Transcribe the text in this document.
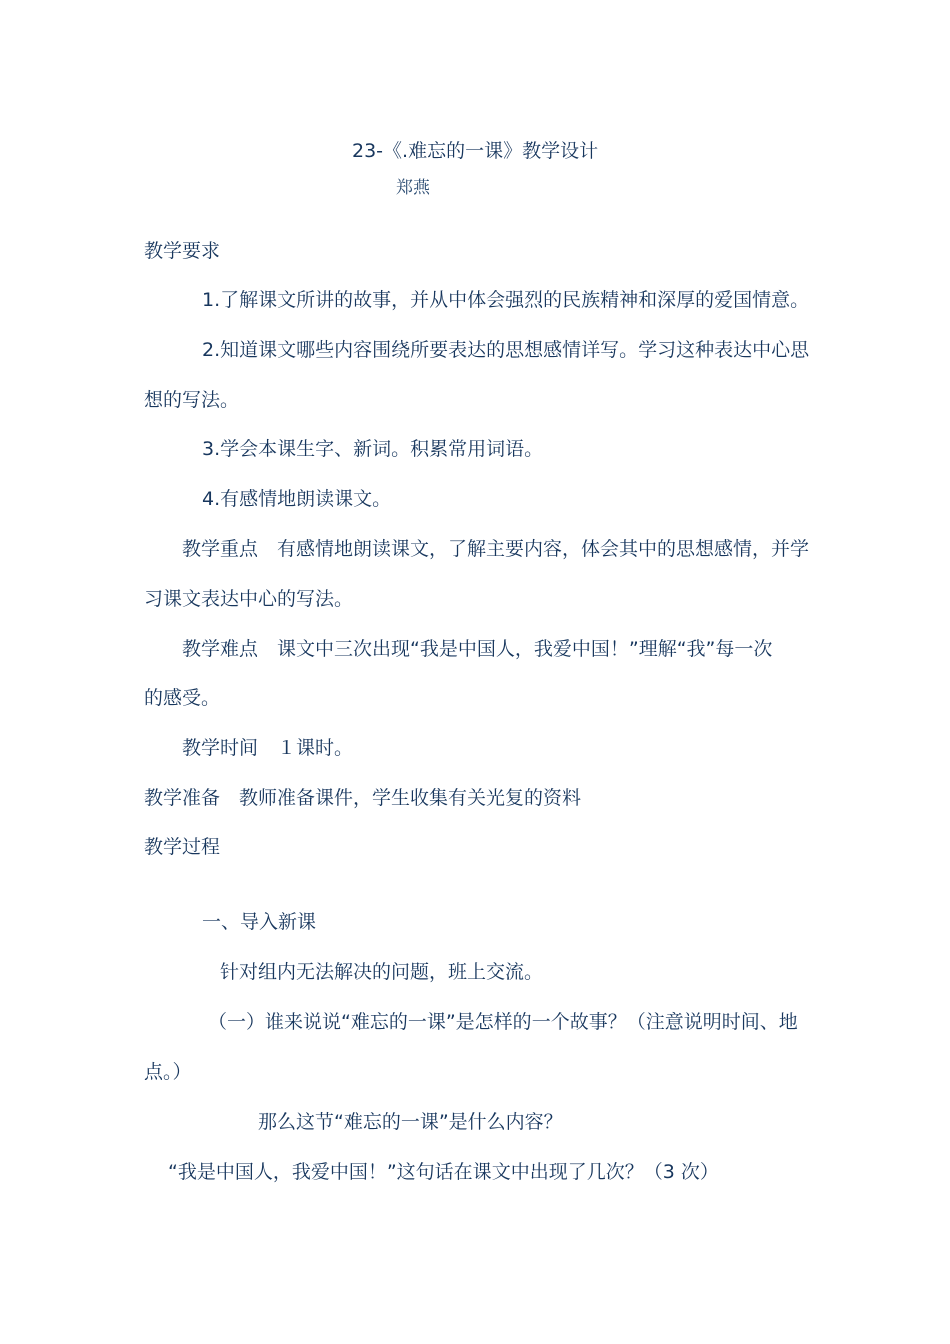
23-《.难忘的一课》教学设计
郑燕
教学要求
1.了解课文所讲的故事，并从中体会强烈的民族精神和深厚的爱国情意。
2.知道课文哪些内容围绕所要表达的思想感情详写。学习这种表达中心思
想的写法。
3.学会本课生字、新词。积累常用词语。
4.有感情地朗读课文。
教学重点　有感情地朗读课文，了解主要内容，体会其中的思想感情，并学
习课文表达中心的写法。
教学难点　课文中三次出现“我是中国人，我爱中国！”理解“我”每一次
的感受。
教学时间　１课时。
教学准备　教师准备课件，学生收集有关光复的资料
教学过程
一、导入新课
针对组内无法解决的问题，班上交流。
（一）谁来说说“难忘的一课”是怎样的一个故事？（注意说明时间、地
点。）
那么这节“难忘的一课”是什么内容？
“我是中国人，我爱中国！”这句话在课文中出现了几次？（3 次）
